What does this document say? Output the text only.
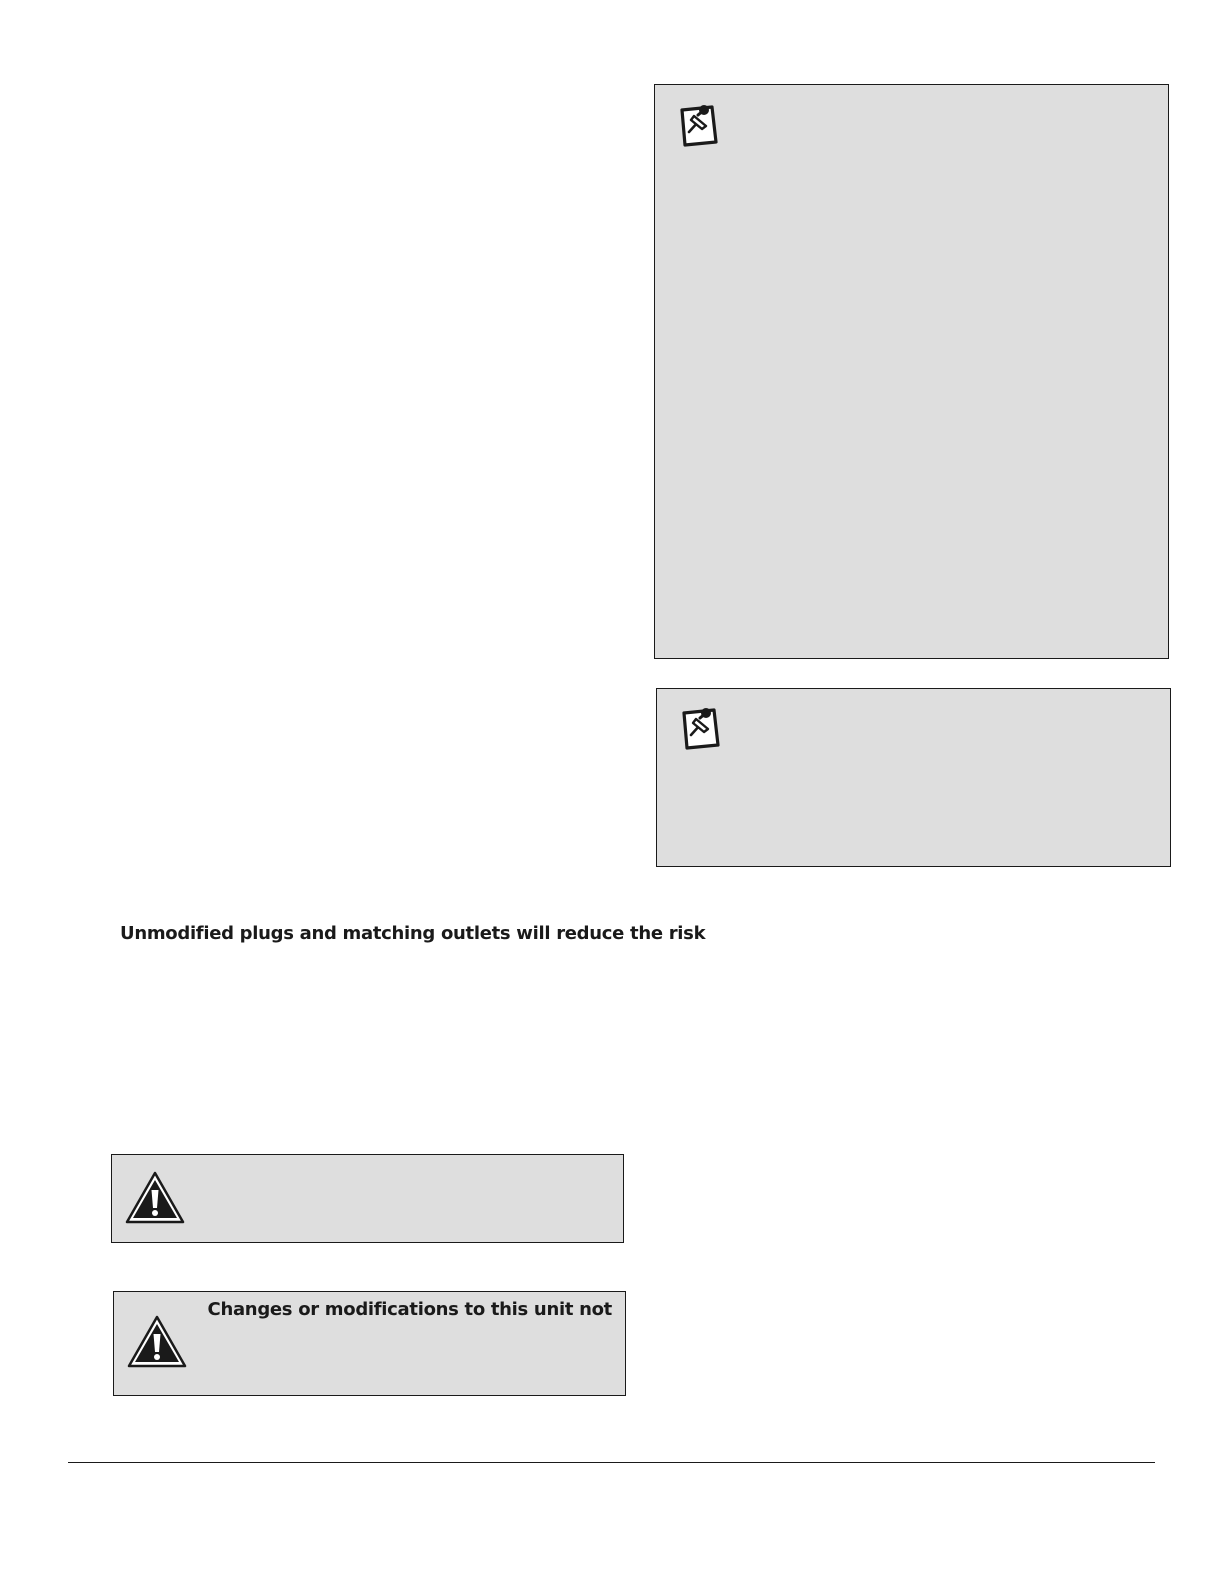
Unmodified plugs and matching outlets will reduce the risk
Changes or modifications to this unit not
